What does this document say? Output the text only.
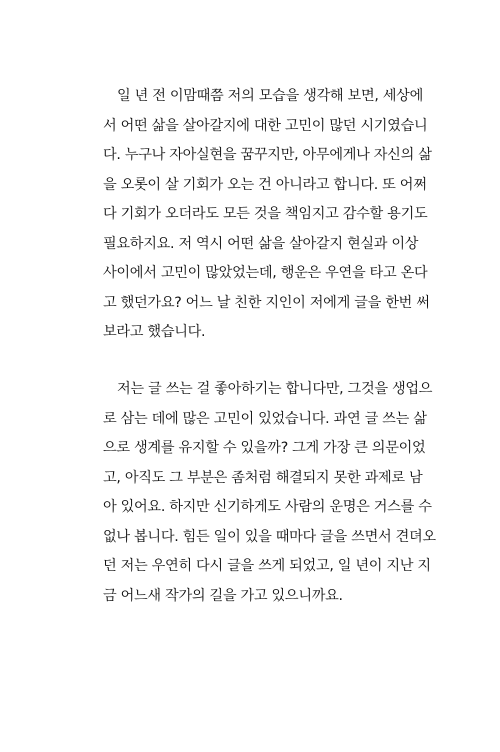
일 년 전 이맘때쯤 저의 모습을 생각해 보면, 세상에
서 어떤 삶을 살아갈지에 대한 고민이 많던 시기였습니
다. 누구나 자아실현을 꿈꾸지만, 아무에게나 자신의 삶
을 오롯이 살 기회가 오는 건 아니라고 합니다. 또 어쩌
다 기회가 오더라도 모든 것을 책임지고 감수할 용기도
필요하지요. 저 역시 어떤 삶을 살아갈지 현실과 이상
사이에서 고민이 많았었는데, 행운은 우연을 타고 온다
고 했던가요? 어느 날 친한 지인이 저에게 글을 한번 써
보라고 했습니다.
저는 글 쓰는 걸 좋아하기는 합니다만, 그것을 생업으
로 삼는 데에 많은 고민이 있었습니다. 과연 글 쓰는 삶
으로 생계를 유지할 수 있을까? 그게 가장 큰 의문이었
고, 아직도 그 부분은 좀처럼 해결되지 못한 과제로 남
아 있어요. 하지만 신기하게도 사람의 운명은 거스를 수
없나 봅니다. 힘든 일이 있을 때마다 글을 쓰면서 견뎌오
던 저는 우연히 다시 글을 쓰게 되었고, 일 년이 지난 지
금 어느새 작가의 길을 가고 있으니까요.
